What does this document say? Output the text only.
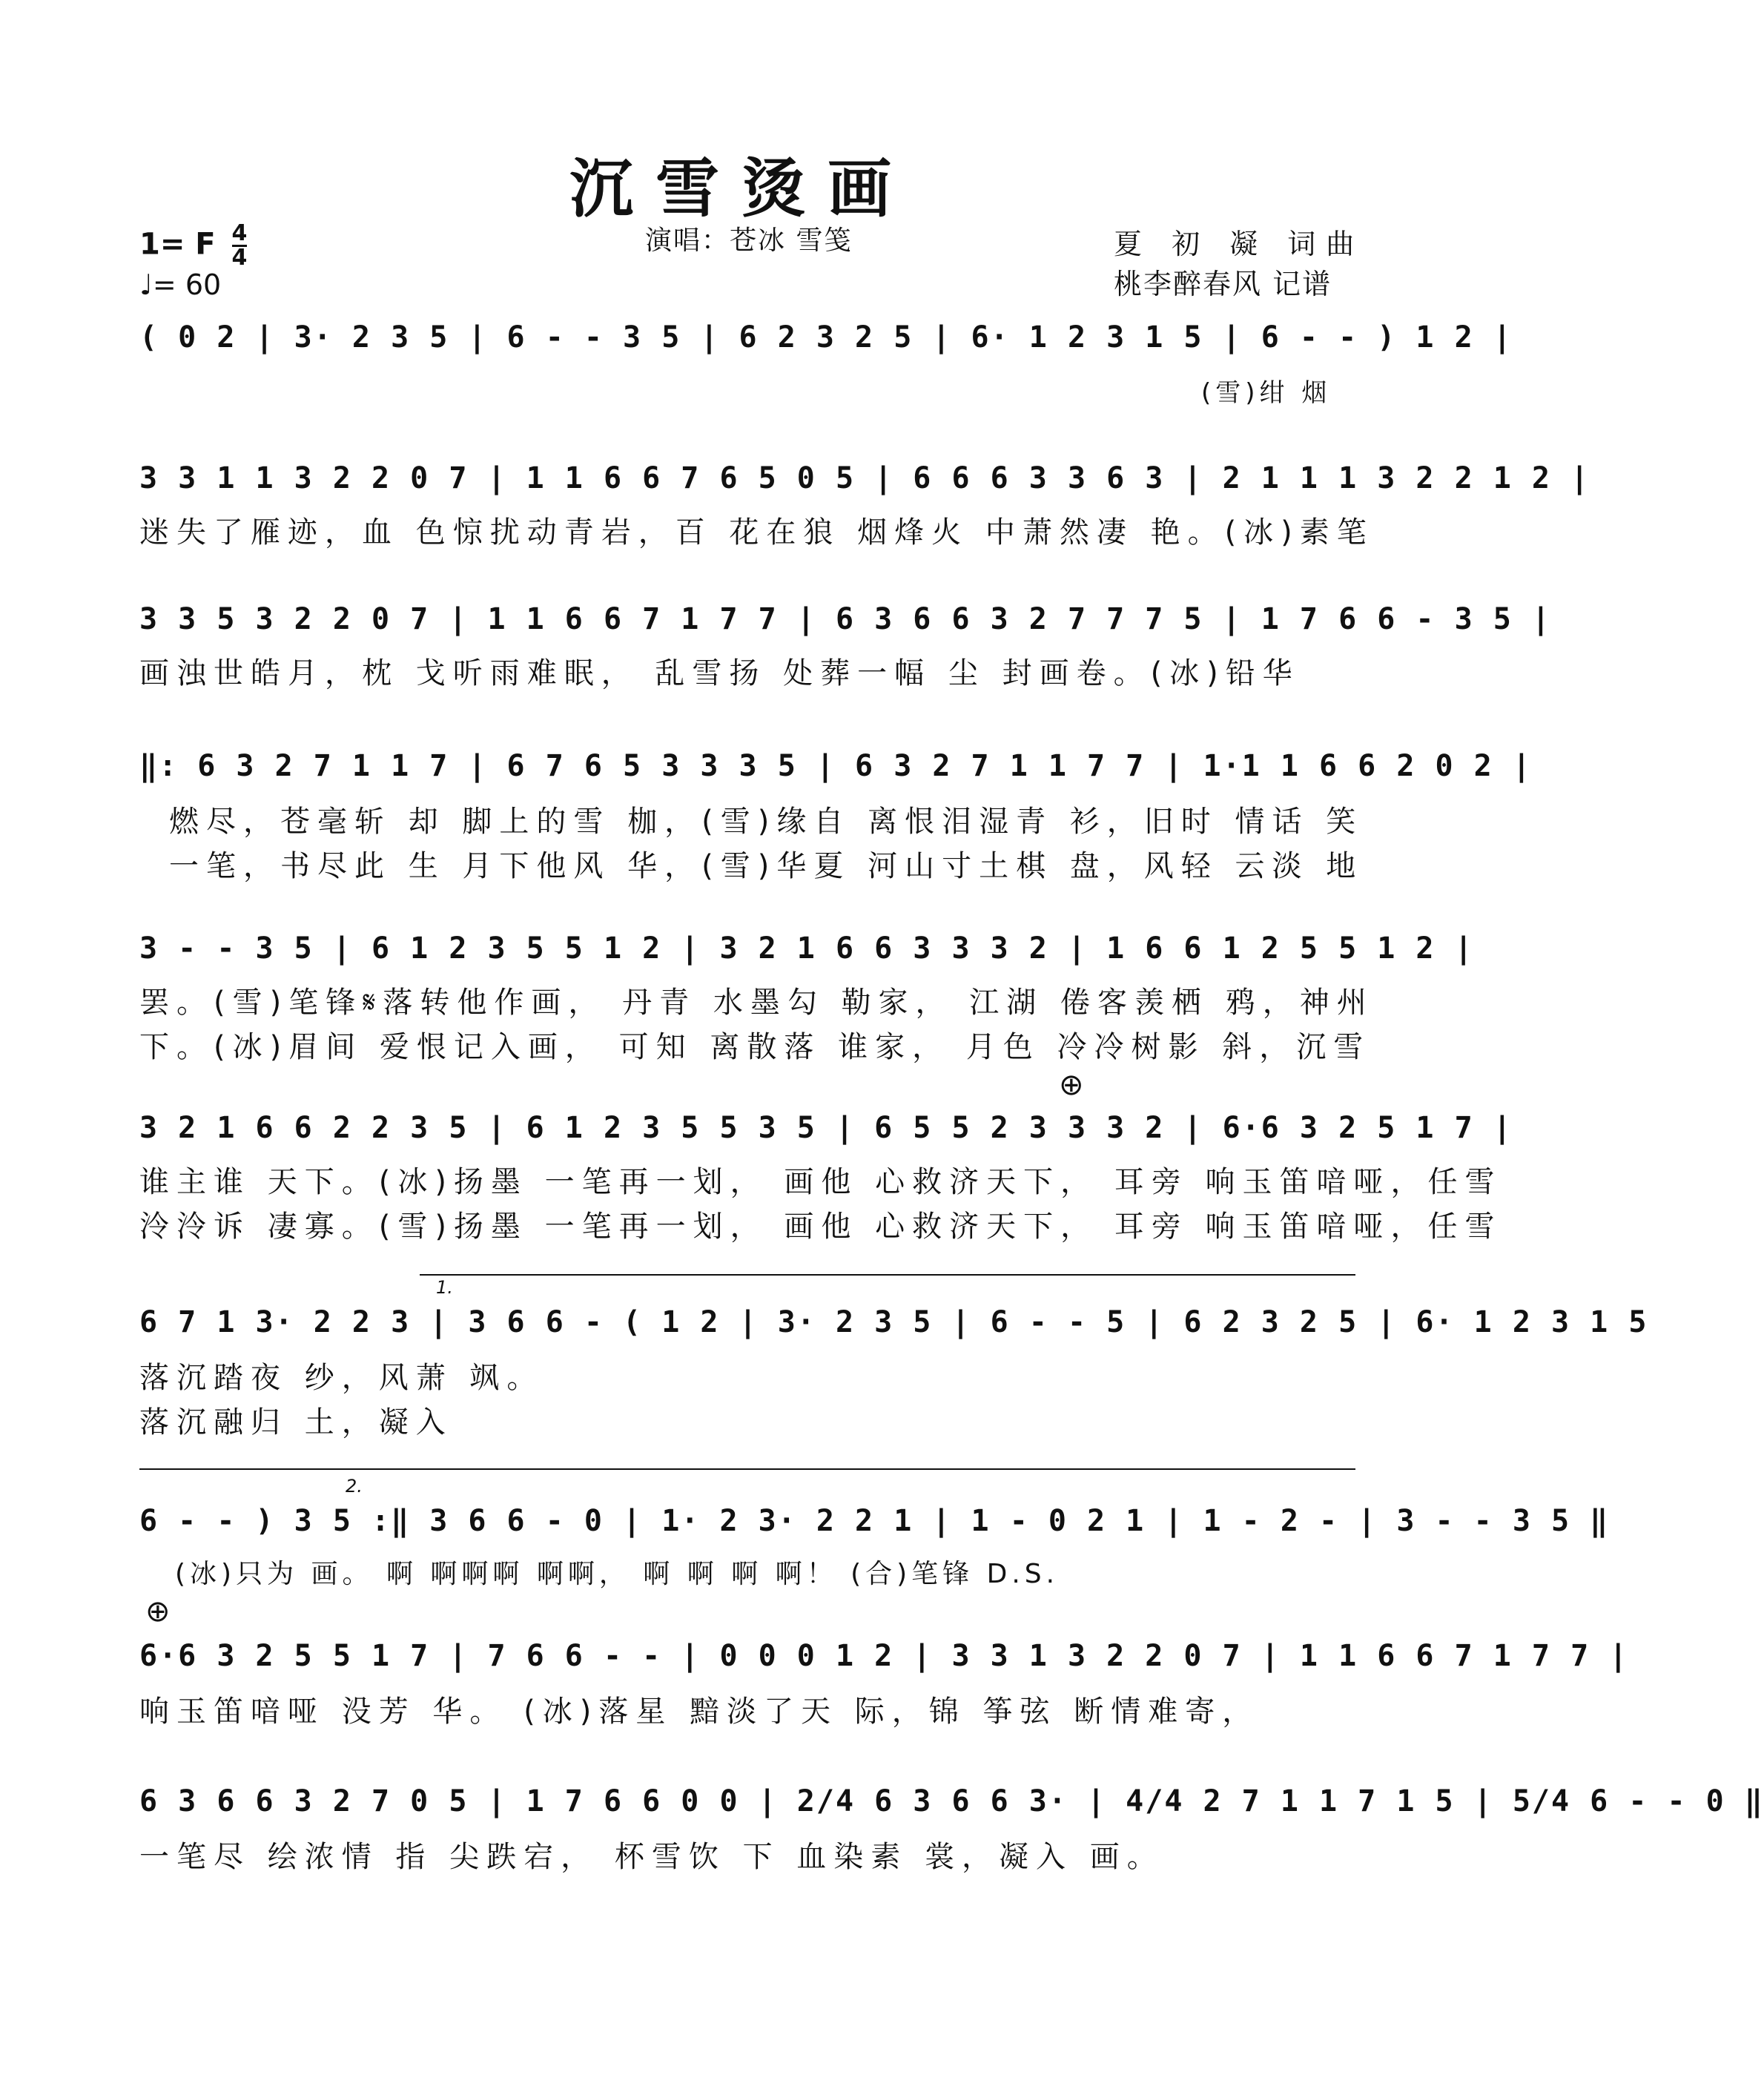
沉雪烫画
1= F $\frac{4}{4}$
♩= 60
演唱：苍冰 雪笺	夏 初 凝 词曲
桃李醉春风 记谱
( 0 2 | 3· 2 3 5 | 6 - - 3 5 | 6 2 3 2 5 | 6· 1 2 3 1 5 | 6 - - ) 1 2 |
(雪)绀 烟
3 3 1 1 3 2 2 0 7 | 1 1 6 6 7 6 5 0 5 | 6 6 6 3 3 6 3 | 2 1 1 1 3 2 2 1 2 |
迷失了雁迹，血 色惊扰动青岩，百 花在狼 烟烽火 中萧然凄 艳。(冰)素笔
3 3 5 3 2 2 0 7 | 1 1 6 6 7 1 7 7 | 6 3 6 6 3 2 7 7 7 5 | 1 7 6 6 - 3 5 |
画浊世皓月，枕 戈听雨难眠， 乱雪扬 处葬一幅 尘 封画卷。(冰)铅华
‖: 6 3 2 7 1 1 7 | 6 7 6 5 3 3 3 5 | 6 3 2 7 1 1 7 7 | 1·1 1 6 6 2 0 2 |
燃尽，苍毫斩 却 脚上的雪 枷，(雪)缘自 离恨泪湿青 衫，旧时 情话 笑
一笔，书尽此 生 月下他风 华，(雪)华夏 河山寸土棋 盘，风轻 云淡 地
3 - - 3 5 | 6 1 2 3 5 5 1 2 | 3 2 1 6 6 3 3 3 2 | 1 6 6 1 2 5 5 1 2 |
罢。(雪)笔锋𝄋落转他作画， 丹青 水墨勾 勒家， 江湖 倦客羡栖 鸦，神州
下。(冰)眉间 爱恨记入画， 可知 离散落 谁家， 月色 冷冷树影 斜，沉雪
⊕
3 2 1 6 6 2 2 3 5 | 6 1 2 3 5 5 3 5 | 6 5 5 2 3 3 3 2 | 6·6 3 2 5 1 7 |
谁主谁 天下。(冰)扬墨 一笔再一划， 画他 心救济天下， 耳旁 响玉笛喑哑，任雪
泠泠诉 凄寡。(雪)扬墨 一笔再一划， 画他 心救济天下， 耳旁 响玉笛喑哑，任雪
1.
6 7 1 3· 2 2 3 | 3 6 6 - ( 1 2 | 3· 2 3 5 | 6 - - 5 | 6 2 3 2 5 | 6· 1 2 3 1 5
落沉踏夜 纱，风萧 飒。
落沉融归 土，凝入
2.
6 - - ) 3 5 :‖ 3 6 6 - 0 | 1· 2 3· 2 2 1 | 1 - 0 2 1 | 1 - 2 - | 3 - - 3 5 ‖
(冰)只为 画。 啊 啊啊啊 啊啊， 啊 啊 啊 啊！ (合)笔锋 D.S.
⊕
6·6 3 2 5 5 1 7 | 7 6 6 - - | 0 0 0 1 2 | 3 3 1 3 2 2 0 7 | 1 1 6 6 7 1 7 7 |
响玉笛喑哑 没芳 华。 (冰)落星 黯淡了天 际，锦 筝弦 断情难寄，
6 3 6 6 3 2 7 0 5 | 1 7 6 6 0 0 | 2/4 6 3 6 6 3· | 4/4 2 7 1 1 7 1 5 | 5/4 6 - - 0 ‖
一笔尽 绘浓情 指 尖跌宕， 杯雪饮 下 血染素 裳，凝入 画。
